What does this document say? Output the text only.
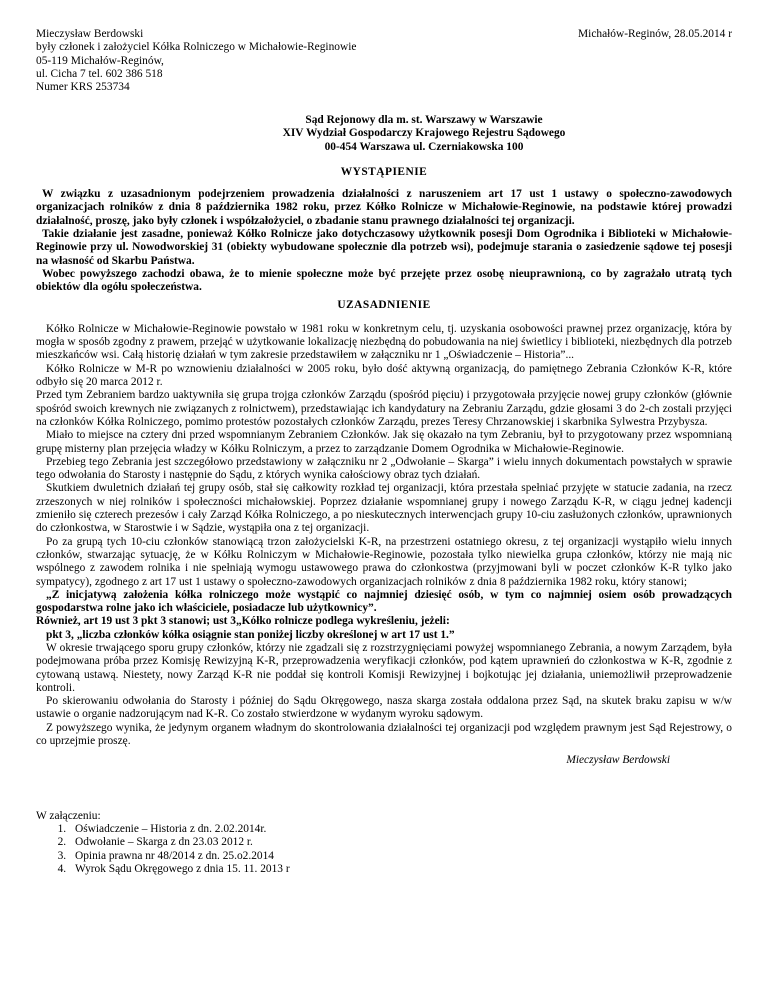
Mieczysław Berdowski
były członek i założyciel Kółka Rolniczego w Michałowie-Reginowie
05-119 Michałów-Reginów,
ul. Cicha 7 tel. 602 386 518
Numer KRS 253734
Michałów-Reginów, 28.05.2014 r
Sąd Rejonowy dla m. st. Warszawy w Warszawie
XIV Wydział Gospodarczy Krajowego Rejestru Sądowego
00-454 Warszawa ul. Czerniakowska 100
WYSTĄPIENIE

W związku z uzasadnionym podejrzeniem prowadzenia działalności z naruszeniem art 17 ust 1 ustawy o społeczno-zawodowych organizacjach rolników z dnia 8 października 1982 roku, przez Kółko Rolnicze w Michałowie-Reginowie, na podstawie której prowadzi działalność, proszę, jako były członek i współzałożyciel, o zbadanie stanu prawnego działalności tej organizacji.

Takie działanie jest zasadne, ponieważ Kółko Rolnicze jako dotychczasowy użytkownik posesji Dom Ogrodnika i Biblioteki w Michałowie-Reginowie przy ul. Nowodworskiej 31 (obiekty wybudowane społecznie dla potrzeb wsi), podejmuje starania o zasiedzenie sądowe tej posesji na własność od Skarbu Państwa.

Wobec powyższego zachodzi obawa, że to mienie społeczne może być przejęte przez osobę nieuprawnioną, co by zagrażało utratą tych obiektów dla ogółu społeczeństwa.

UZASADNIENIE

Kółko Rolnicze w Michałowie-Reginowie powstało w 1981 roku w konkretnym celu, tj. uzyskania osobowości prawnej przez organizację, która by mogła w sposób zgodny z prawem, przejąć w użytkowanie lokalizację niezbędną do pobudowania na niej świetlicy i biblioteki, niezbędnych dla potrzeb mieszkańców wsi. Całą historię działań w tym zakresie przedstawiłem w załączniku nr 1 „Oświadczenie – Historia”...

Kółko Rolnicze w M-R po wznowieniu działalności w 2005 roku, było dość aktywną organizacją, do pamiętnego Zebrania Członków K-R, które odbyło się 20 marca 2012 r.

Przed tym Zebraniem bardzo uaktywniła się grupa trojga członków Zarządu (spośród pięciu) i przygotowała przyjęcie nowej grupy członków (głównie spośród swoich krewnych nie związanych z rolnictwem), przedstawiając ich kandydatury na Zebraniu Zarządu, gdzie głosami 3 do 2-ch zostali przyjęci na członków Kółka Rolniczego, pomimo protestów pozostałych członków Zarządu, prezes Teresy Chrzanowskiej i skarbnika Sylwestra Przybysza.

Miało to miejsce na cztery dni przed wspomnianym Zebraniem Członków. Jak się okazało na tym Zebraniu, był to przygotowany przez wspomnianą grupę misterny plan przejęcia władzy w Kółku Rolniczym, a przez to zarządzanie Domem Ogrodnika w Michałowie-Reginowie.

Przebieg tego Zebrania jest szczegółowo przedstawiony w załączniku nr 2 „Odwołanie – Skarga” i wielu innych dokumentach powstałych w sprawie tego odwołania do Starosty i następnie do Sądu, z których wynika całościowy obraz tych działań.

Skutkiem dwuletnich działań tej grupy osób, stał się całkowity rozkład tej organizacji, która przestała spełniać przyjęte w statucie zadania, na rzecz zrzeszonych w niej rolników i społeczności michałowskiej. Poprzez działanie wspomnianej grupy i nowego Zarządu K-R, w ciągu jednej kadencji zmieniło się czterech prezesów i cały Zarząd Kółka Rolniczego, a po nieskutecznych interwencjach grupy 10-ciu zasłużonych członków, uprawnionych do członkostwa, w Starostwie i w Sądzie, wystąpiła ona z tej organizacji.

Po za grupą tych 10-ciu członków stanowiącą trzon założycielski K-R, na przestrzeni ostatniego okresu, z tej organizacji wystąpiło wielu innych członków, stwarzając sytuację, że w Kółku Rolniczym w Michałowie-Reginowie, pozostała tylko niewielka grupa członków, którzy nie mają nic wspólnego z zawodem rolnika i nie spełniają wymogu ustawowego prawa do członkostwa (przyjmowani byli w poczet członków K-R tylko jako sympatycy), zgodnego z art 17 ust 1 ustawy o społeczno-zawodowych organizacjach rolników z dnia 8 października 1982 roku, który stanowi;

„Z inicjatywą założenia kółka rolniczego może wystąpić co najmniej dziesięć osób, w tym co najmniej osiem osób prowadzących gospodarstwa rolne jako ich właściciele, posiadacze lub użytkownicy”.

Również, art 19 ust 3 pkt 3 stanowi; ust 3„Kółko rolnicze podlega wykreśleniu, jeżeli:

pkt 3, „liczba członków kółka osiągnie stan poniżej liczby określonej w art 17 ust 1.”

W okresie trwającego sporu grupy członków, którzy nie zgadzali się z rozstrzygnięciami powyżej wspomnianego Zebrania, a nowym Zarządem, była podejmowana próba przez Komisję Rewizyjną K-R, przeprowadzenia weryfikacji członków, pod kątem uprawnień do członkostwa w K-R, zgodnie z cytowaną ustawą. Niestety, nowy Zarząd K-R nie poddał się kontroli Komisji Rewizyjnej i bojkotując jej działania, uniemożliwił przeprowadzenie kontroli.

Po skierowaniu odwołania do Starosty i później do Sądu Okręgowego, nasza skarga została oddalona przez Sąd, na skutek braku zapisu w w/w ustawie o organie nadzorującym nad K-R. Co zostało stwierdzone w wydanym wyroku sądowym.

Z powyższego wynika, że jedynym organem władnym do skontrolowania działalności tej organizacji pod względem prawnym jest Sąd Rejestrowy, o co uprzejmie proszę.

Mieczysław Berdowski
W załączeniu:
1. Oświadczenie – Historia z dn. 2.02.2014r.
2. Odwołanie – Skarga z dn 23.03 2012 r.
3. Opinia prawna nr 48/2014 z dn. 25.o2.2014
4. Wyrok Sądu Okręgowego z dnia 15. 11. 2013 r
